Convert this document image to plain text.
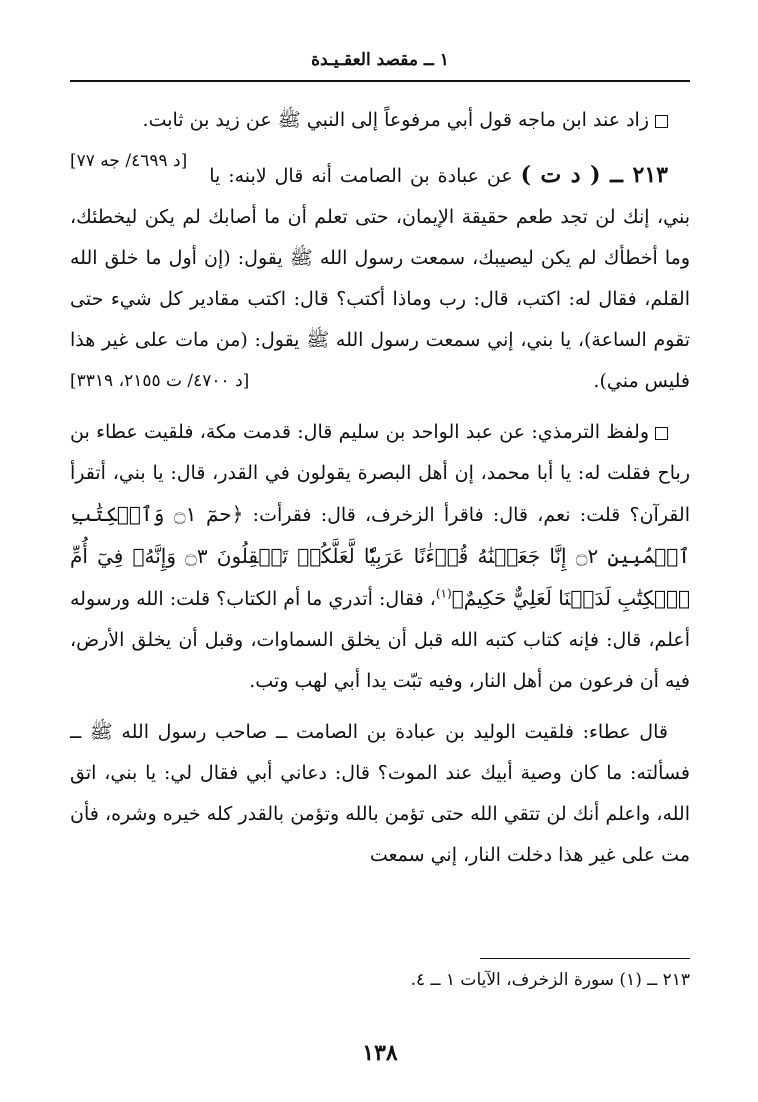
١ ــ مقصد العقـيـدة

زاد عند ابن ماجه قول أبي مرفوعاً إلى النبي ﷺ عن زيد بن ثابت.
[د ٤٦٩٩/ جه ٧٧]

٢١٣ ــ ( د ت ) عن عبادة بن الصامت أنه قال لابنه: يا بني، إنك لن تجد طعم حقيقة الإيمان، حتى تعلم أن ما أصابك لم يكن ليخطئك، وما أخطأك لم يكن ليصيبك، سمعت رسول الله ﷺ يقول: (إن أول ما خلق الله القلم، فقال له: اكتب، قال: رب وماذا أكتب؟ قال: اكتب مقادير كل شيء حتى تقوم الساعة)، يا بني، إني سمعت رسول الله ﷺ يقول: (من مات على غير هذا فليس مني).
[د ٤٧٠٠/ ت ٢١٥٥، ٣٣١٩]

ولفظ الترمذي: عن عبد الواحد بن سليم قال: قدمت مكة، فلقيت عطاء بن رباح فقلت له: يا أبا محمد، إن أهل البصرة يقولون في القدر، قال: يا بني، أتقرأ القرآن؟ قلت: نعم، قال: فاقرأ الزخرف، قال: فقرأت: ﴿حمٓ ۝١ وَٱلۡكِتَٰبِ ٱلۡمُبِينِ ۝٢ إِنَّا جَعَلۡنَٰهُ قُرۡءَٰنًا عَرَبِيّٗا لَّعَلَّكُمۡ تَعۡقِلُونَ ۝٣ وَإِنَّهُۥ فِيٓ أُمِّ ٱلۡكِتَٰبِ لَدَيۡنَا لَعَلِيٌّ حَكِيمٌ﴾$^{(١)}$، فقال: أتدري ما أم الكتاب؟ قلت: الله ورسوله أعلم، قال: فإنه كتاب كتبه الله قبل أن يخلق السماوات، وقبل أن يخلق الأرض، فيه أن فرعون من أهل النار، وفيه تبّت يدا أبي لهب وتب.

قال عطاء: فلقيت الوليد بن عبادة بن الصامت ــ صاحب رسول الله ﷺ ــ فسألته: ما كان وصية أبيك عند الموت؟ قال: دعاني أبي فقال لي: يا بني، اتق الله، واعلم أنك لن تتقي الله حتى تؤمن بالله وتؤمن بالقدر كله خيره وشره، فأن مت على غير هذا دخلت النار، إني سمعت

٢١٣ ــ (١) سورة الزخرف، الآيات ١ ــ ٤.
١٣٨
